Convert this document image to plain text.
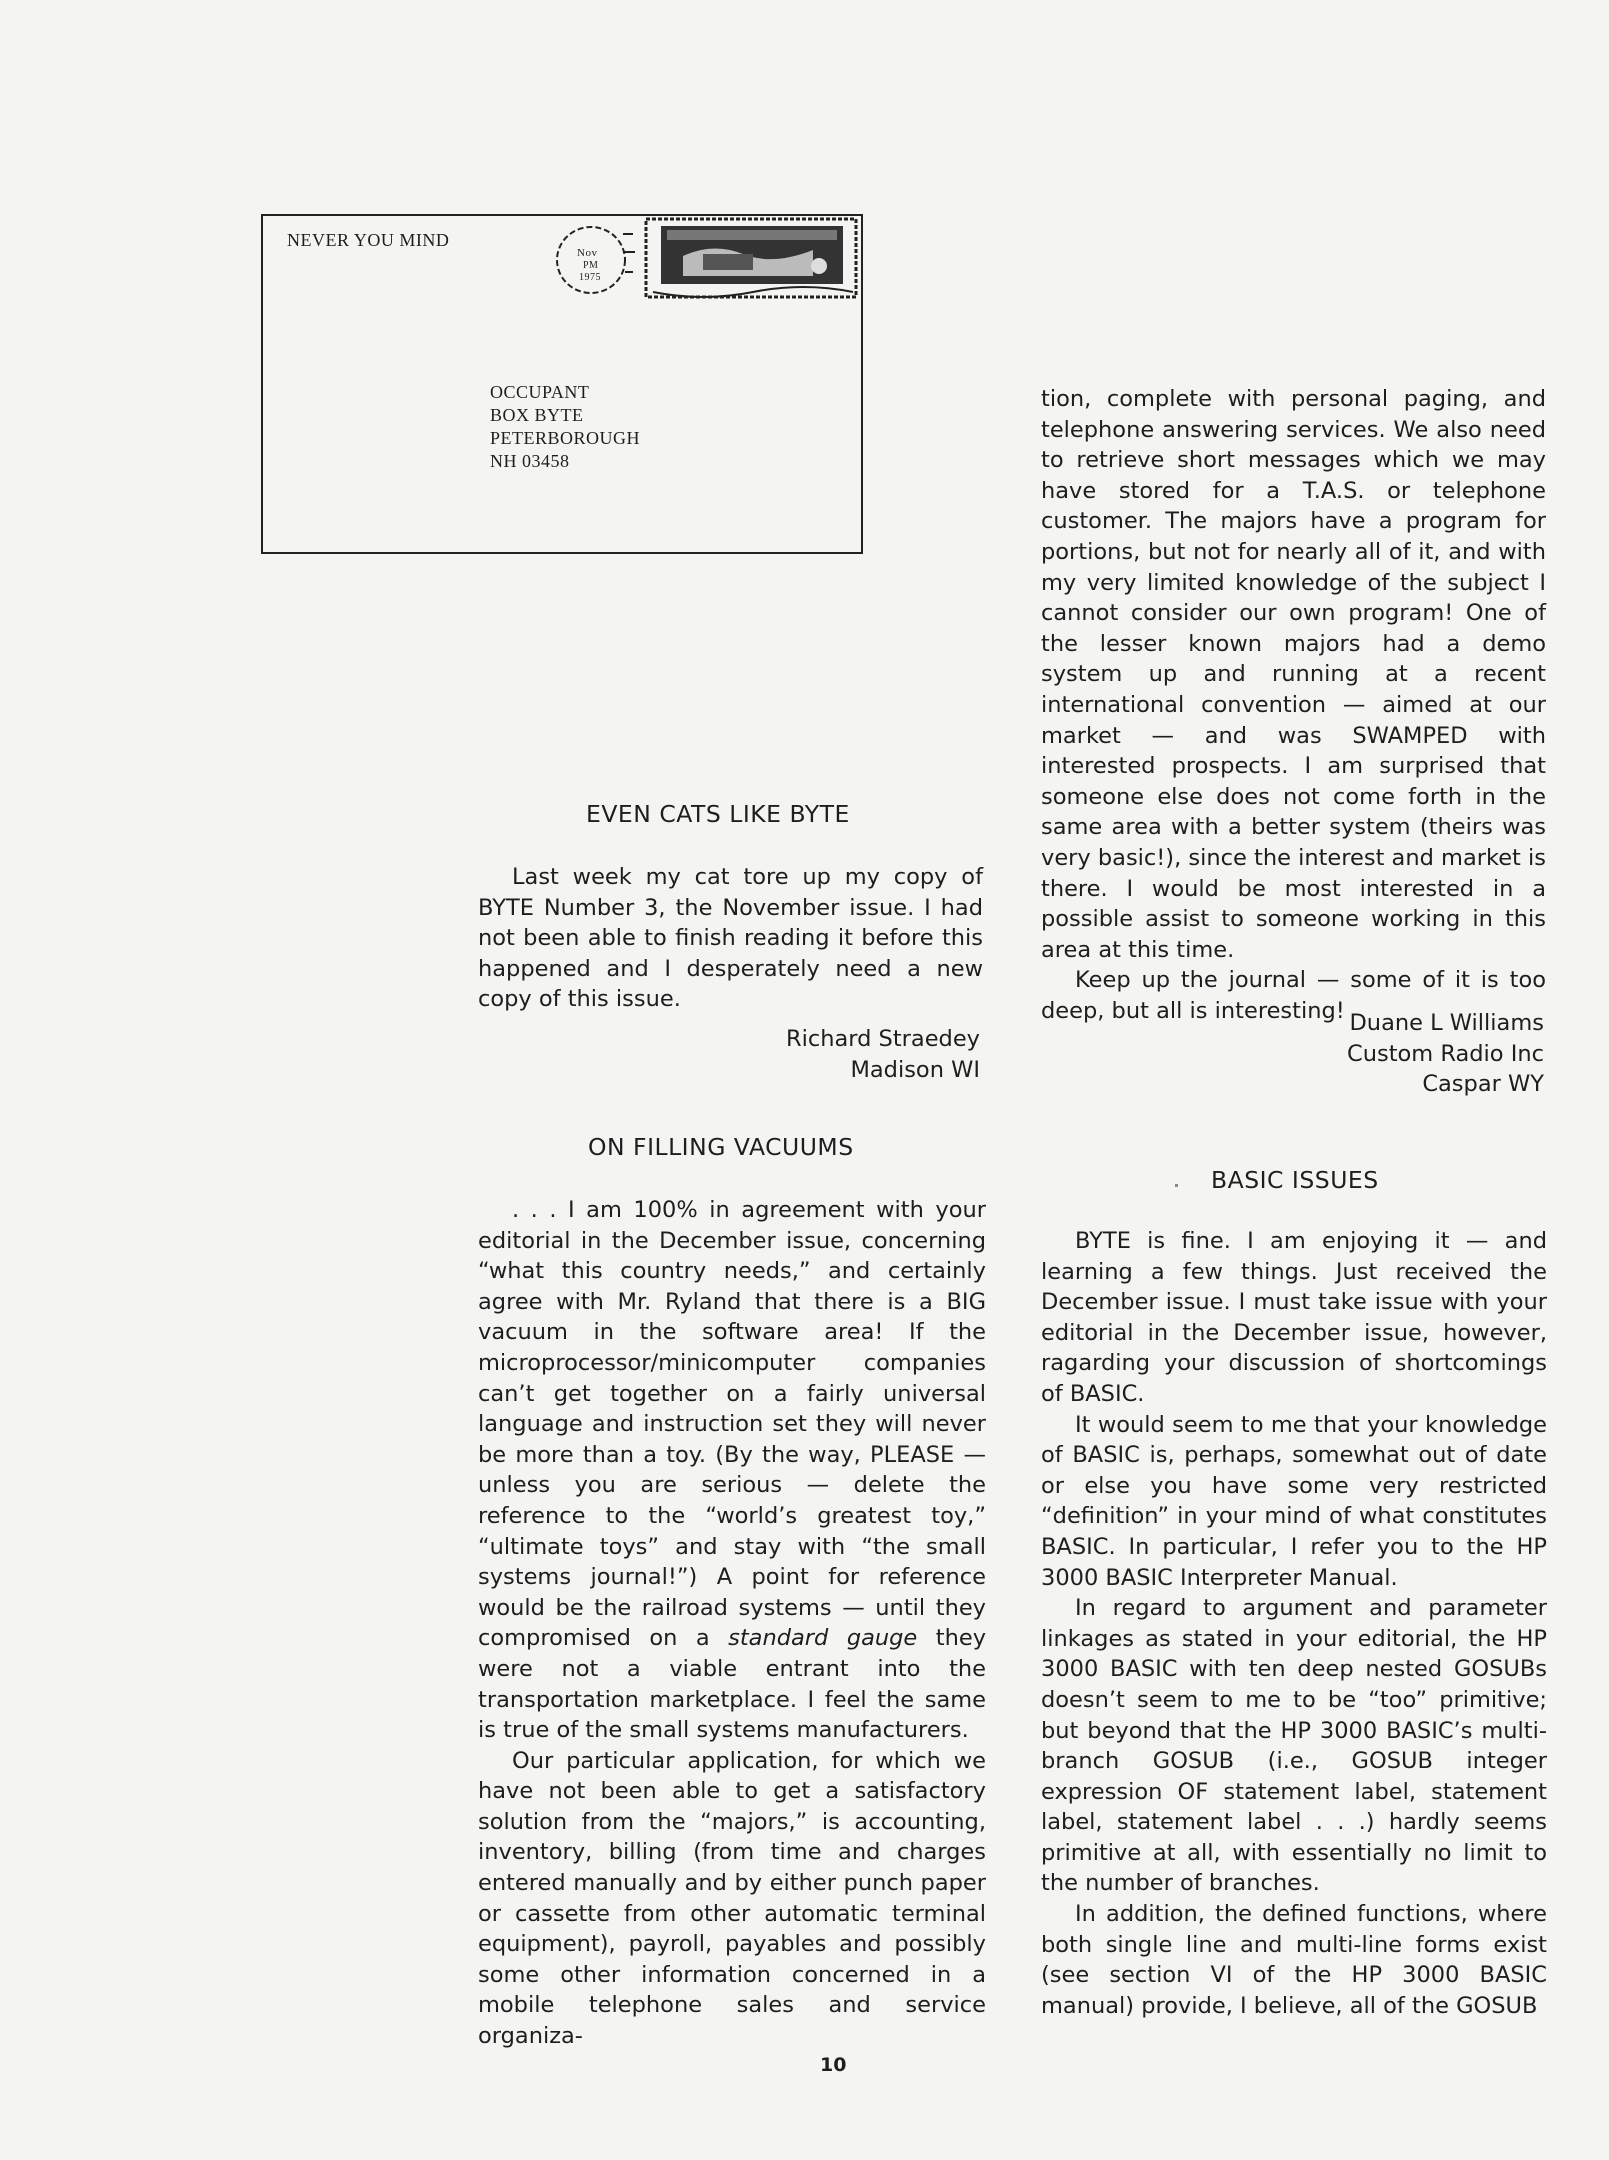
NEVER YOU MIND
Nov
PM
1975
OCCUPANT
BOX BYTE
PETERBOROUGH
NH 03458
EVEN CATS LIKE BYTE

Last week my cat tore up my copy of BYTE Number 3, the November issue. I had not been able to finish reading it before this happened and I desperately need a new copy of this issue.

Richard Straedey
Madison WI
ON FILLING VACUUMS

. . . I am 100% in agreement with your editorial in the December issue, concerning “what this country needs,” and certainly agree with Mr. Ryland that there is a BIG vacuum in the software area! If the microprocessor/minicomputer companies can’t get together on a fairly universal language and instruction set they will never be more than a toy. (By the way, PLEASE — unless you are serious — delete the reference to the “world’s greatest toy,” “ultimate toys” and stay with “the small systems journal!”) A point for reference would be the railroad systems — until they compromised on a standard gauge they were not a viable entrant into the transportation marketplace. I feel the same is true of the small systems manufacturers.

Our particular application, for which we have not been able to get a satisfactory solution from the “majors,” is accounting, inventory, billing (from time and charges entered manually and by either punch paper or cassette from other automatic terminal equipment), payroll, payables and possibly some other information concerned in a mobile telephone sales and service organiza-

tion, complete with personal paging, and telephone answering services. We also need to retrieve short messages which we may have stored for a T.A.S. or telephone customer. The majors have a program for portions, but not for nearly all of it, and with my very limited knowledge of the subject I cannot consider our own program! One of the lesser known majors had a demo system up and running at a recent international convention — aimed at our market — and was SWAMPED with interested prospects. I am surprised that someone else does not come forth in the same area with a better system (theirs was very basic!), since the interest and market is there. I would be most interested in a possible assist to someone working in this area at this time.

Keep up the journal — some of it is too deep, but all is interesting! Duane L Williams
Custom Radio Inc
Caspar WY
BASIC ISSUES

BYTE is fine. I am enjoying it — and learning a few things. Just received the December issue. I must take issue with your editorial in the December issue, however, ragarding your discussion of shortcomings of BASIC.

It would seem to me that your knowledge of BASIC is, perhaps, somewhat out of date or else you have some very restricted “definition” in your mind of what constitutes BASIC. In particular, I refer you to the HP 3000 BASIC Interpreter Manual.

In regard to argument and parameter linkages as stated in your editorial, the HP 3000 BASIC with ten deep nested GOSUBs doesn’t seem to me to be “too” primitive; but beyond that the HP 3000 BASIC’s multi-branch GOSUB (i.e., GOSUB integer expression OF statement label, statement label, statement label . . .) hardly seems primitive at all, with essentially no limit to the number of branches.

In addition, the defined functions, where both single line and multi-line forms exist (see section VI of the HP 3000 BASIC manual) provide, I believe, all of the GOSUB

10
